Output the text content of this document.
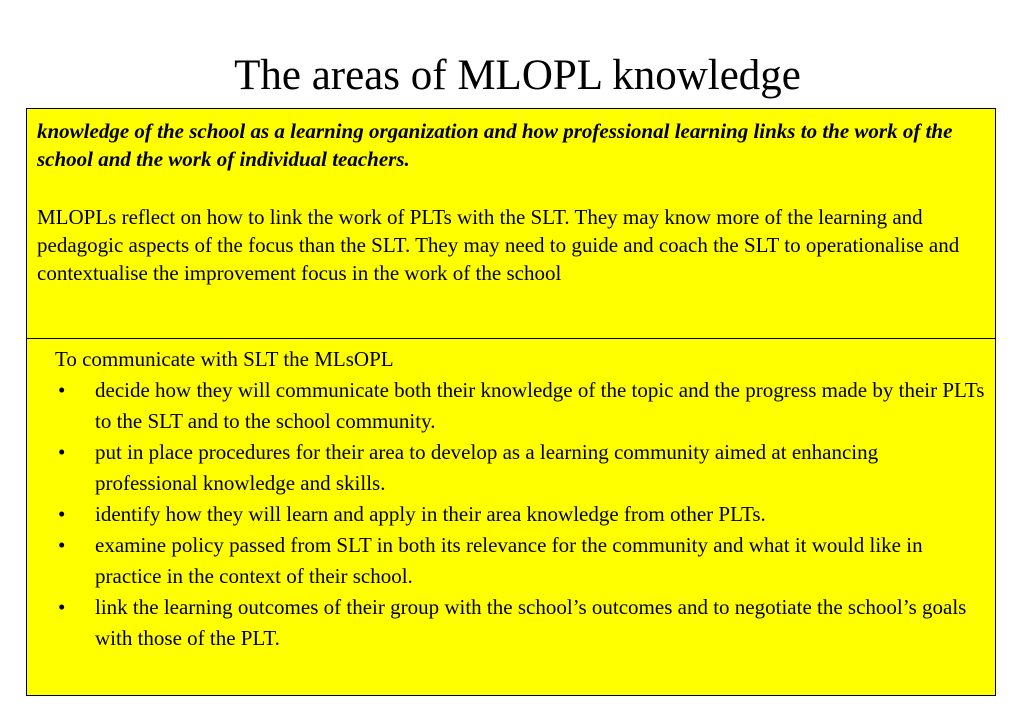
The areas of MLOPL knowledge

knowledge of the school as a learning organization and how professional learning links to the work of the school and the work of individual teachers.

MLOPLs reflect on how to link the work of PLTs with the SLT. They may know more of the learning and pedagogic aspects of the focus than the SLT. They may need to guide and coach the SLT to operationalise and contextualise the improvement focus in the work of the school

To communicate with SLT the MLsOPL

• decide how they will communicate both their knowledge of the topic and the progress made by their PLTs to the SLT and to the school community.
• put in place procedures for their area to develop as a learning community aimed at enhancing professional knowledge and skills.
• identify how they will learn and apply in their area knowledge from other PLTs.
• examine policy passed from SLT in both its relevance for the community and what it would like in practice in the context of their school.
• link the learning outcomes of their group with the school’s outcomes and to negotiate the school’s goals with those of the PLT.
